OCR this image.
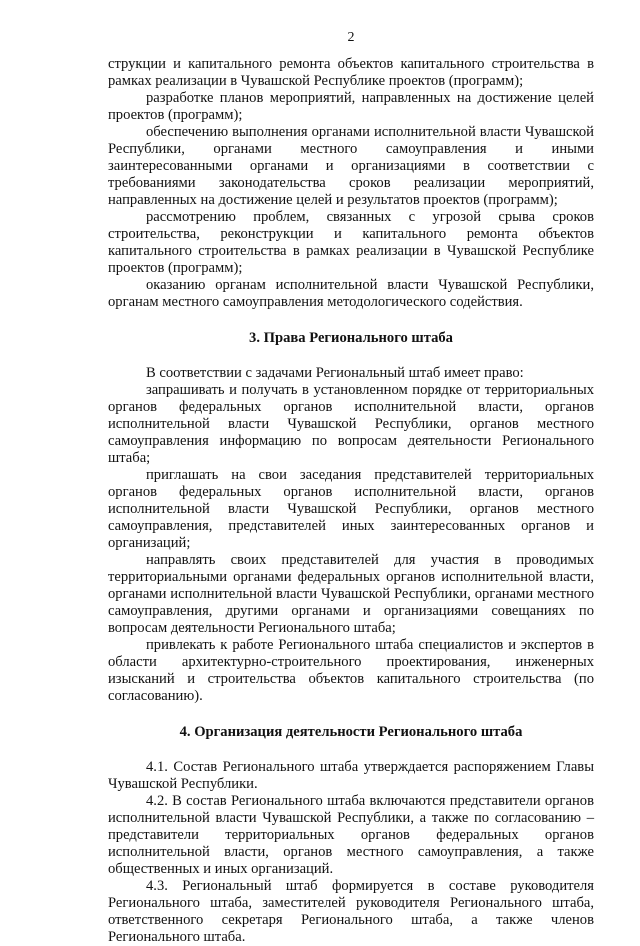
2

струкции и капитального ремонта объектов капитального строительства в рамках реализации в Чувашской Республике проектов (программ);

разработке планов мероприятий, направленных на достижение целей проектов (программ);

обеспечению выполнения органами исполнительной власти Чувашской Республики, органами местного самоуправления и иными заинтересованными органами и организациями в соответствии с требованиями законодательства сроков реализации мероприятий, направленных на достижение целей и результатов проектов (программ);

рассмотрению проблем, связанных с угрозой срыва сроков строительства, реконструкции и капитального ремонта объектов капитального строительства в рамках реализации в Чувашской Республике проектов (программ);

оказанию органам исполнительной власти Чувашской Республики, органам местного самоуправления методологического содействия.

3. Права Регионального штаба

В соответствии с задачами Региональный штаб имеет право:

запрашивать и получать в установленном порядке от территориальных органов федеральных органов исполнительной власти, органов исполнительной власти Чувашской Республики, органов местного самоуправления информацию по вопросам деятельности Регионального штаба;

приглашать на свои заседания представителей территориальных органов федеральных органов исполнительной власти, органов исполнительной власти Чувашской Республики, органов местного самоуправления, представителей иных заинтересованных органов и организаций;

направлять своих представителей для участия в проводимых территориальными органами федеральных органов исполнительной власти, органами исполнительной власти Чувашской Республики, органами местного самоуправления, другими органами и организациями совещаниях по вопросам деятельности Регионального штаба;

привлекать к работе Регионального штаба специалистов и экспертов в области архитектурно-строительного проектирования, инженерных изысканий и строительства объектов капитального строительства (по согласованию).

4. Организация деятельности Регионального штаба

4.1. Состав Регионального штаба утверждается распоряжением Главы Чувашской Республики.

4.2. В состав Регионального штаба включаются представители органов исполнительной власти Чувашской Республики, а также по согласованию – представители территориальных органов федеральных органов исполнительной власти, органов местного самоуправления, а также общественных и иных организаций.

4.3. Региональный штаб формируется в составе руководителя Регионального штаба, заместителей руководителя Регионального штаба, ответственного секретаря Регионального штаба, а также членов Регионального штаба.
